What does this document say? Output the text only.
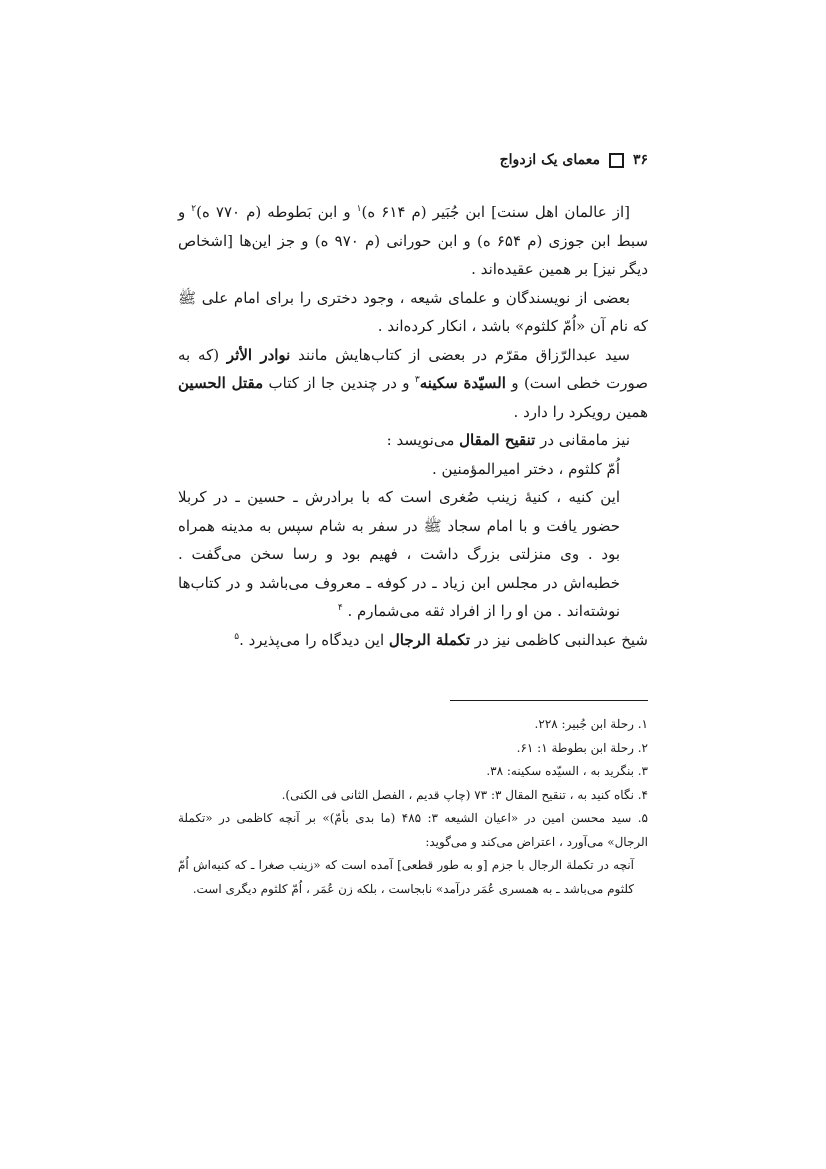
۳۶
معمای یک ازدواج

[از عالمان اهل سنت] ابن جُبَیر (م ۶۱۴ ه)$^۱$ و ابن بَطوطه (م ۷۷۰ ه)$^۲$ و سبط ابن جوزی (م ۶۵۴ ه) و ابن حورانی (م ۹۷۰ ه) و جز این‌ها [اشخاص دیگر نیز] بر همین عقیده‌اند .

بعضی از نویسندگان و علمای شیعه ، وجود دختری را برای امام علی ﷺ که نام آن «اُمّ کلثوم» باشد ، انکار کرده‌اند .

سید عبدالرّزاق مقرّم در بعضی از کتاب‌هایش مانند نوادر الأثر (که به صورت خطی است) و السیّدة سکینه$^۳$ و در چندین جا از کتاب مقتل الحسین همین رویکرد را دارد .

نیز مامقانی در تنقیح المقال می‌نویسد :

اُمّ کلثوم ، دختر امیرالمؤمنین .

این کنیه ، کنیهٔ زینب صُغری است که با برادرش ـ حسین ـ در کربلا حضور یافت و با امام سجاد ﷺ در سفر به شام سپس به مدینه همراه بود . وی منزلتی بزرگ داشت ، فهیم بود و رسا سخن می‌گفت . خطبه‌اش در مجلس ابن زیاد ـ در کوفه ـ معروف می‌باشد و در کتاب‌ها نوشته‌اند . من او را از افراد ثقه می‌شمارم . $^۴$

شیخ عبدالنبی کاظمی نیز در تکملة الرجال این دیدگاه را می‌پذیرد .$^۵$

۱. رحلة ابن جُبیر: ۲۲۸.

۲. رحلة ابن بطوطة ۱: ۶۱.

۳. بنگرید به ، السیّده سکینه: ۳۸.

۴. نگاه کنید به ، تنقیح المقال ۳: ۷۳ (چاپ قدیم ، الفصل الثانی فی الکنی).

۵. سید محسن امین در «اعیان الشیعه ۳: ۴۸۵ (ما بدی بأمّ)» بر آنچه کاظمی در «تکملة الرجال» می‌آورد ، اعتراض می‌کند و می‌گوید:

آنچه در تکملة الرجال با جزم [و به طور قطعی] آمده است که «زینب صغرا ـ که کنیه‌اش اُمّ کلثوم می‌باشد ـ به همسری عُمَر درآمد» نابجاست ، بلکه زن عُمَر ، اُمّ کلثوم دیگری است.
